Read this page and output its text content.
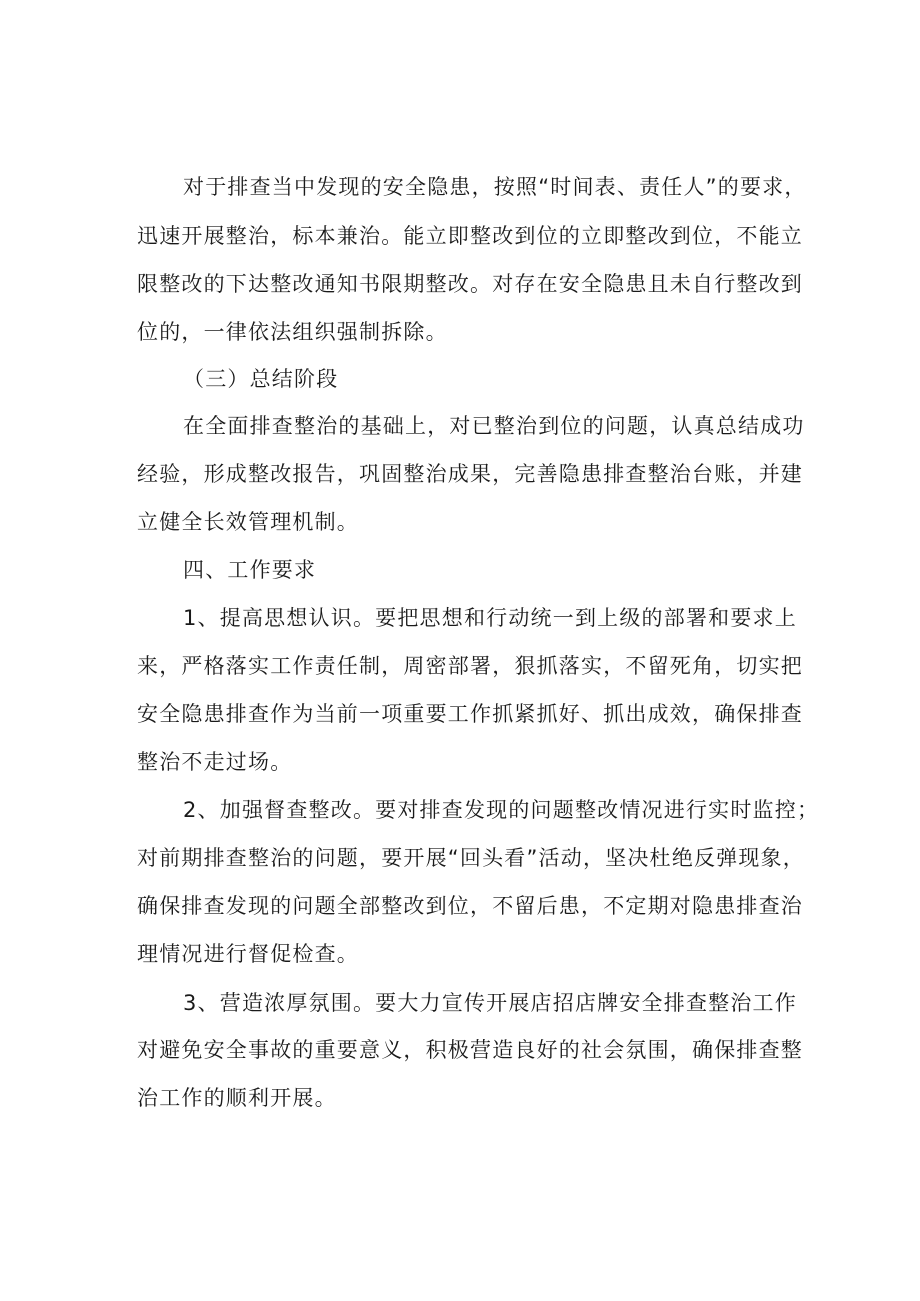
对于排查当中发现的安全隐患，按照“时间表、责任人”的要求，

迅速开展整治，标本兼治。能立即整改到位的立即整改到位，不能立

限整改的下达整改通知书限期整改。对存在安全隐患且未自行整改到

位的，一律依法组织强制拆除。

（三）总结阶段

在全面排查整治的基础上，对已整治到位的问题，认真总结成功

经验，形成整改报告，巩固整治成果，完善隐患排查整治台账，并建

立健全长效管理机制。

四、工作要求

1、提高思想认识。要把思想和行动统一到上级的部署和要求上

来，严格落实工作责任制，周密部署，狠抓落实，不留死角，切实把

安全隐患排查作为当前一项重要工作抓紧抓好、抓出成效，确保排查

整治不走过场。

2、加强督查整改。要对排查发现的问题整改情况进行实时监控；

对前期排查整治的问题，要开展“回头看”活动，坚决杜绝反弹现象，

确保排查发现的问题全部整改到位，不留后患，不定期对隐患排查治

理情况进行督促检查。

3、营造浓厚氛围。要大力宣传开展店招店牌安全排查整治工作

对避免安全事故的重要意义，积极营造良好的社会氛围，确保排查整

治工作的顺利开展。
